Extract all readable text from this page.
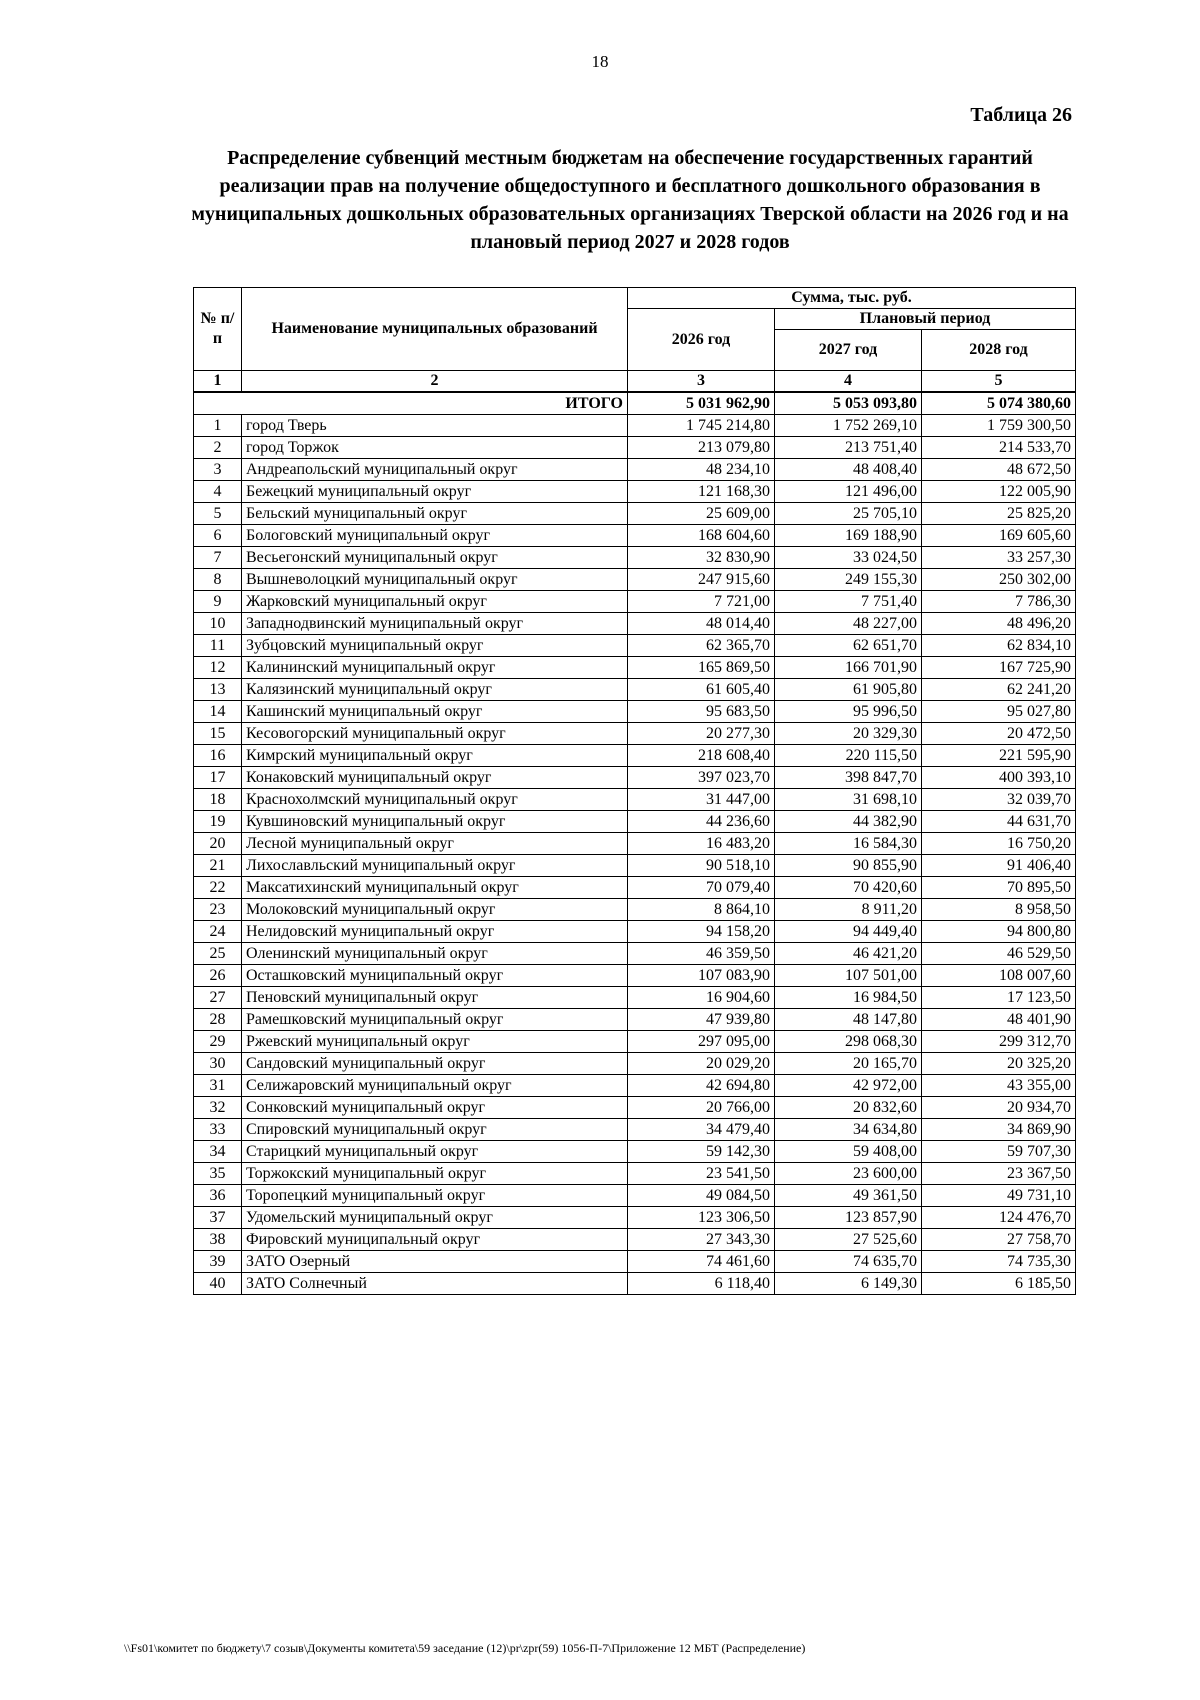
18
Таблица 26
Распределение субвенций местным бюджетам на обеспечение государственных гарантий реализации прав на получение общедоступного и бесплатного дошкольного образования в муниципальных дошкольных образовательных организациях Тверской области на 2026 год и на плановый период 2027 и 2028 годов
№ п/п	Наименование муниципальных образований	Сумма, тыс. руб.		
		2026 год	Плановый период	
			2027 год	2028 год
1	2	3	4	5
ИТОГО		5 031 962,90	5 053 093,80	5 074 380,60
1	город Тверь	1 745 214,80	1 752 269,10	1 759 300,50
2	город Торжок	213 079,80	213 751,40	214 533,70
3	Андреапольский муниципальный округ	48 234,10	48 408,40	48 672,50
4	Бежецкий муниципальный округ	121 168,30	121 496,00	122 005,90
5	Бельский муниципальный округ	25 609,00	25 705,10	25 825,20
6	Бологовский муниципальный округ	168 604,60	169 188,90	169 605,60
7	Весьегонский муниципальный округ	32 830,90	33 024,50	33 257,30
8	Вышневолоцкий муниципальный округ	247 915,60	249 155,30	250 302,00
9	Жарковский муниципальный округ	7 721,00	7 751,40	7 786,30
10	Западнодвинский муниципальный округ	48 014,40	48 227,00	48 496,20
11	Зубцовский муниципальный округ	62 365,70	62 651,70	62 834,10
12	Калининский муниципальный округ	165 869,50	166 701,90	167 725,90
13	Калязинский муниципальный округ	61 605,40	61 905,80	62 241,20
14	Кашинский муниципальный округ	95 683,50	95 996,50	95 027,80
15	Кесовогорский муниципальный округ	20 277,30	20 329,30	20 472,50
16	Кимрский муниципальный округ	218 608,40	220 115,50	221 595,90
17	Конаковский муниципальный округ	397 023,70	398 847,70	400 393,10
18	Краснохолмский муниципальный округ	31 447,00	31 698,10	32 039,70
19	Кувшиновский муниципальный округ	44 236,60	44 382,90	44 631,70
20	Лесной муниципальный округ	16 483,20	16 584,30	16 750,20
21	Лихославльский муниципальный округ	90 518,10	90 855,90	91 406,40
22	Максатихинский муниципальный округ	70 079,40	70 420,60	70 895,50
23	Молоковский муниципальный округ	8 864,10	8 911,20	8 958,50
24	Нелидовский муниципальный округ	94 158,20	94 449,40	94 800,80
25	Оленинский муниципальный округ	46 359,50	46 421,20	46 529,50
26	Осташковский муниципальный округ	107 083,90	107 501,00	108 007,60
27	Пеновский муниципальный округ	16 904,60	16 984,50	17 123,50
28	Рамешковский муниципальный округ	47 939,80	48 147,80	48 401,90
29	Ржевский муниципальный округ	297 095,00	298 068,30	299 312,70
30	Сандовский муниципальный округ	20 029,20	20 165,70	20 325,20
31	Селижаровский муниципальный округ	42 694,80	42 972,00	43 355,00
32	Сонковский муниципальный округ	20 766,00	20 832,60	20 934,70
33	Спировский муниципальный округ	34 479,40	34 634,80	34 869,90
34	Старицкий муниципальный округ	59 142,30	59 408,00	59 707,30
35	Торжокский муниципальный округ	23 541,50	23 600,00	23 367,50
36	Торопецкий муниципальный округ	49 084,50	49 361,50	49 731,10
37	Удомельский муниципальный округ	123 306,50	123 857,90	124 476,70
38	Фировский муниципальный округ	27 343,30	27 525,60	27 758,70
39	ЗАТО Озерный	74 461,60	74 635,70	74 735,30
40	ЗАТО Солнечный	6 118,40	6 149,30	6 185,50
\\Fs01\комитет по бюджету\7 созыв\Документы комитета\59 заседание (12)\pr\zpr(59) 1056-П-7\Приложение 12 МБТ (Распределение)
